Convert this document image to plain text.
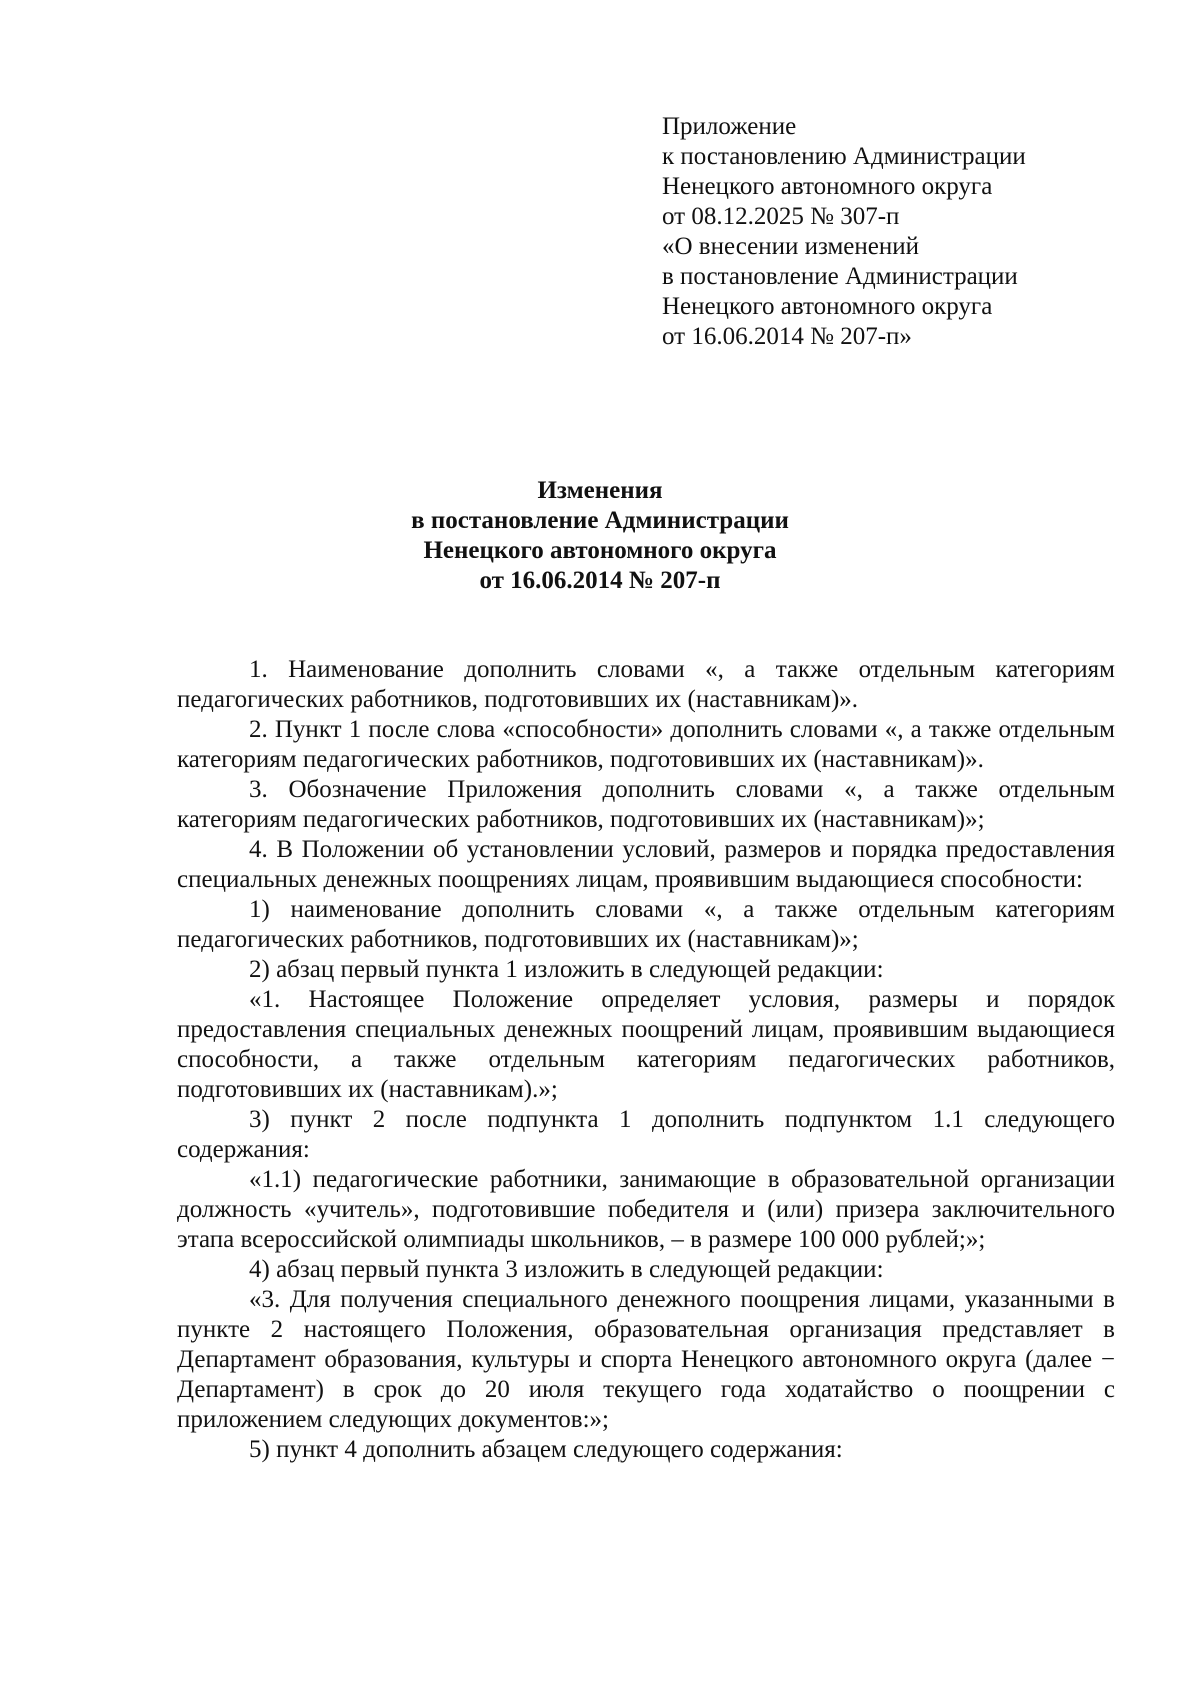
Приложение
к постановлению Администрации
Ненецкого автономного округа
от 08.12.2025 № 307-п
«О внесении изменений
в постановление Администрации
Ненецкого автономного округа
от 16.06.2014 № 207-п»
Изменения
в постановление Администрации
Ненецкого автономного округа
от 16.06.2014 № 207-п

1. Наименование дополнить словами «, а также отдельным категориям педагогических работников, подготовивших их (наставникам)».

2. Пункт 1 после слова «способности» дополнить словами «, а также отдельным категориям педагогических работников, подготовивших их (наставникам)».

3. Обозначение Приложения дополнить словами «, а также отдельным категориям педагогических работников, подготовивших их (наставникам)»;

4. В Положении об установлении условий, размеров и порядка предоставления специальных денежных поощрениях лицам, проявившим выдающиеся способности:

1) наименование дополнить словами «, а также отдельным категориям педагогических работников, подготовивших их (наставникам)»;

2) абзац первый пункта 1 изложить в следующей редакции:

«1. Настоящее Положение определяет условия, размеры и порядок предоставления специальных денежных поощрений лицам, проявившим выдающиеся способности, а также отдельным категориям педагогических работников, подготовивших их (наставникам).»;

3) пункт 2 после подпункта 1 дополнить подпунктом 1.1 следующего содержания:

«1.1) педагогические работники, занимающие в образовательной организации должность «учитель», подготовившие победителя и (или) призера заключительного этапа всероссийской олимпиады школьников, – в размере 100 000 рублей;»;

4) абзац первый пункта 3 изложить в следующей редакции:

«3. Для получения специального денежного поощрения лицами, указанными в пункте 2 настоящего Положения, образовательная организация представляет в Департамент образования, культуры и спорта Ненецкого автономного округа (далее − Департамент) в срок до 20 июля текущего года ходатайство о поощрении с приложением следующих документов:»;

5) пункт 4 дополнить абзацем следующего содержания:
